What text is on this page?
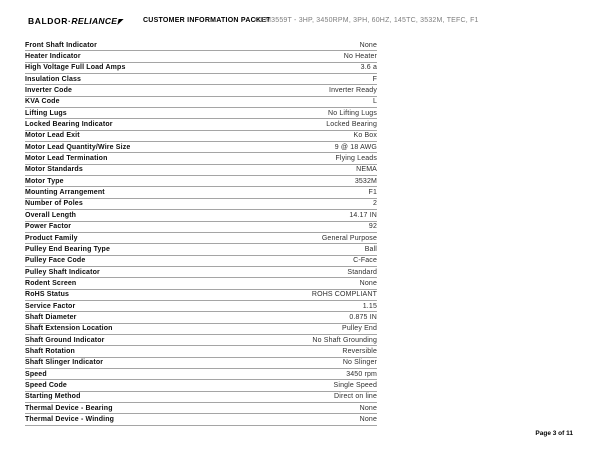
BALDOR · RELIANCE	CUSTOMER INFORMATION PACKET
CEM3559T - 3HP, 3450RPM, 3PH, 60HZ, 145TC, 3532M, TEFC, F1
Front Shaft Indicator	None
Heater Indicator	No Heater
High Voltage Full Load Amps	3.6 a
Insulation Class	F
Inverter Code	Inverter Ready
KVA Code	L
Lifting Lugs	No Lifting Lugs
Locked Bearing Indicator	Locked Bearing
Motor Lead Exit	Ko Box
Motor Lead Quantity/Wire Size	9 @ 18 AWG
Motor Lead Termination	Flying Leads
Motor Standards	NEMA
Motor Type	3532M
Mounting Arrangement	F1
Number of Poles	2
Overall Length	14.17 IN
Power Factor	92
Product Family	General Purpose
Pulley End Bearing Type	Ball
Pulley Face Code	C-Face
Pulley Shaft Indicator	Standard
Rodent Screen	None
RoHS Status	ROHS COMPLIANT
Service Factor	1.15
Shaft Diameter	0.875 IN
Shaft Extension Location	Pulley End
Shaft Ground Indicator	No Shaft Grounding
Shaft Rotation	Reversible
Shaft Slinger Indicator	No Slinger
Speed	3450 rpm
Speed Code	Single Speed
Starting Method	Direct on line
Thermal Device - Bearing	None
Thermal Device - Winding	None
Page 3 of 11
